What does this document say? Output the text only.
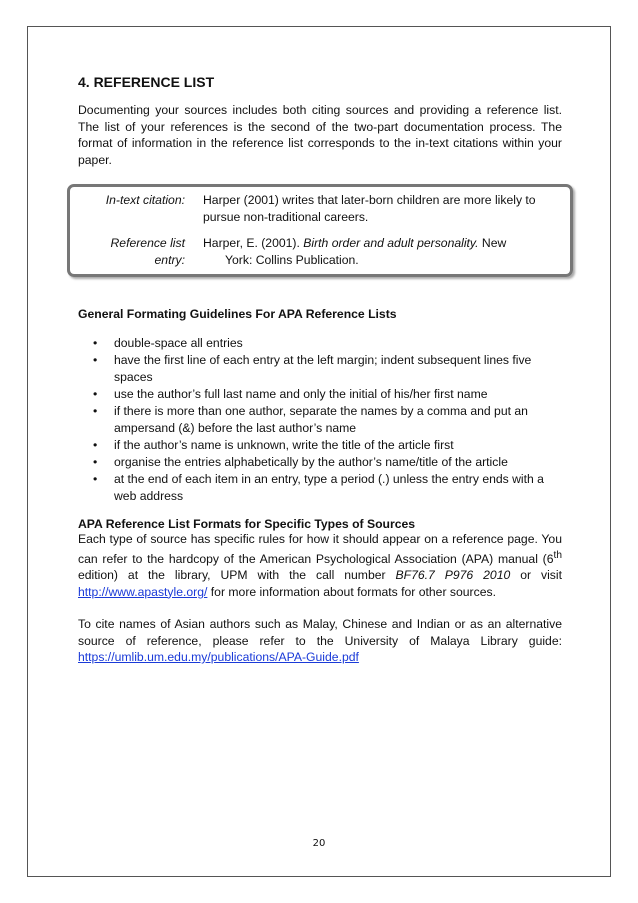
4. REFERENCE LIST

Documenting your sources includes both citing sources and providing a reference list. The list of your references is the second of the two-part documentation process. The format of information in the reference list corresponds to the in-text citations within your paper.

In-text citation:	Harper (2001) writes that later-born children are more likely to pursue non-traditional careers.
Reference list entry:
Harper, E. (2001). Birth order and adult personality. New
York: Collins Publication.
General Formating Guidelines For APA Reference Lists
• double-space all entries
• have the first line of each entry at the left margin; indent subsequent lines five spaces
• use the author’s full last name and only the initial of his/her first name
• if there is more than one author, separate the names by a comma and put an ampersand (&) before the last author’s name
• if the author’s name is unknown, write the title of the article first
• organise the entries alphabetically by the author’s name/title of the article
• at the end of each item in an entry, type a period (.) unless the entry ends with a web address
APA Reference List Formats for Specific Types of Sources

Each type of source has specific rules for how it should appear on a reference page. You can refer to the hardcopy of the American Psychological Association (APA) manual (6th edition) at the library, UPM with the call number BF76.7 P976 2010 or visit http://www.apastyle.org/ for more information about formats for other sources.

To cite names of Asian authors such as Malay, Chinese and Indian or as an alternative source of reference, please refer to the University of Malaya Library guide: https://umlib.um.edu.my/publications/APA-Guide.pdf

20
